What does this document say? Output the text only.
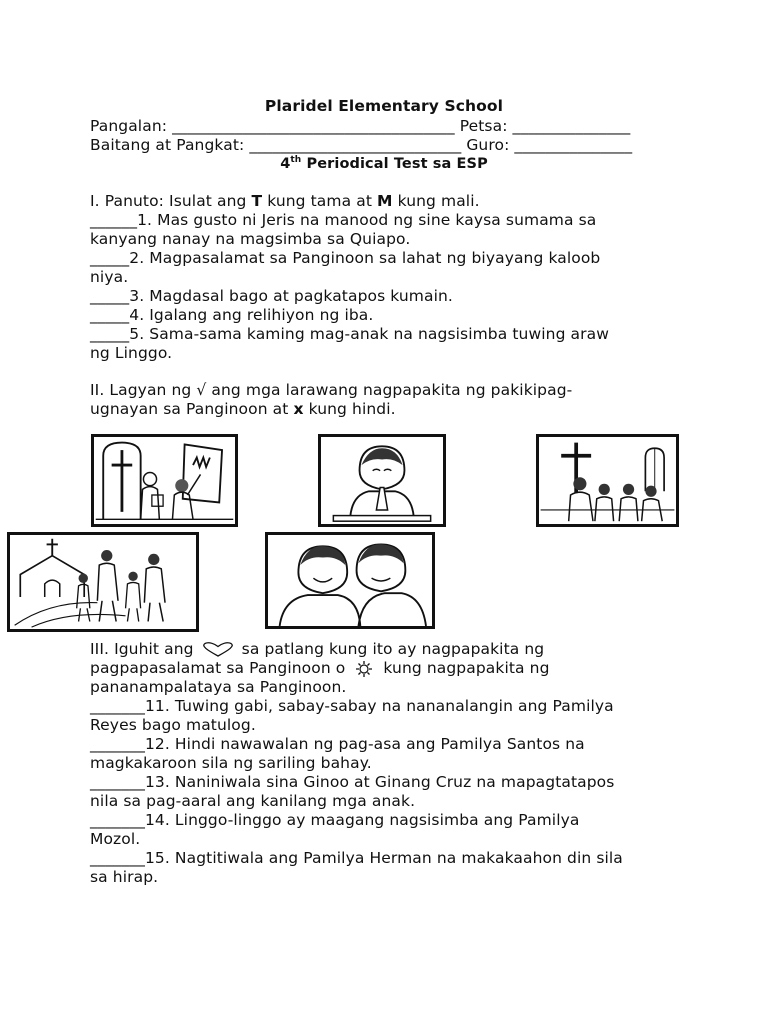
Plaridel Elementary School
Pangalan: ____________________________________ Petsa: _______________
Baitang at Pangkat: ___________________________ Guro: _______________
4th Periodical Test sa ESP
I. Panuto: Isulat ang T kung tama at M kung mali.
______1. Mas gusto ni Jeris na manood ng sine kaysa sumama sa
kanyang nanay na magsimba sa Quiapo.
_____2. Magpasalamat sa Panginoon sa lahat ng biyayang kaloob
niya.
_____3. Magdasal bago at pagkatapos kumain.
_____4. Igalang ang relihiyon ng iba.
_____5. Sama-sama kaming mag-anak na nagsisimba tuwing araw
ng Linggo.
II. Lagyan ng √ ang mga larawang nagpapakita ng pakikipag-
ugnayan sa Panginoon at x kung hindi.
III. Iguhit ang  sa patlang kung ito ay nagpapakita ng
pagpapasalamat sa Panginoon o  kung nagpapakita ng
pananampalataya sa Panginoon.
_______11. Tuwing gabi, sabay-sabay na nananalangin ang Pamilya
Reyes bago matulog.
_______12. Hindi nawawalan ng pag-asa ang Pamilya Santos na
magkakaroon sila ng sariling bahay.
_______13. Naniniwala sina Ginoo at Ginang Cruz na mapagtatapos
nila sa pag-aaral ang kanilang mga anak.
_______14. Linggo-linggo ay maagang nagsisimba ang Pamilya
Mozol.
_______15. Nagtitiwala ang Pamilya Herman na makakaahon din sila
sa hirap.
